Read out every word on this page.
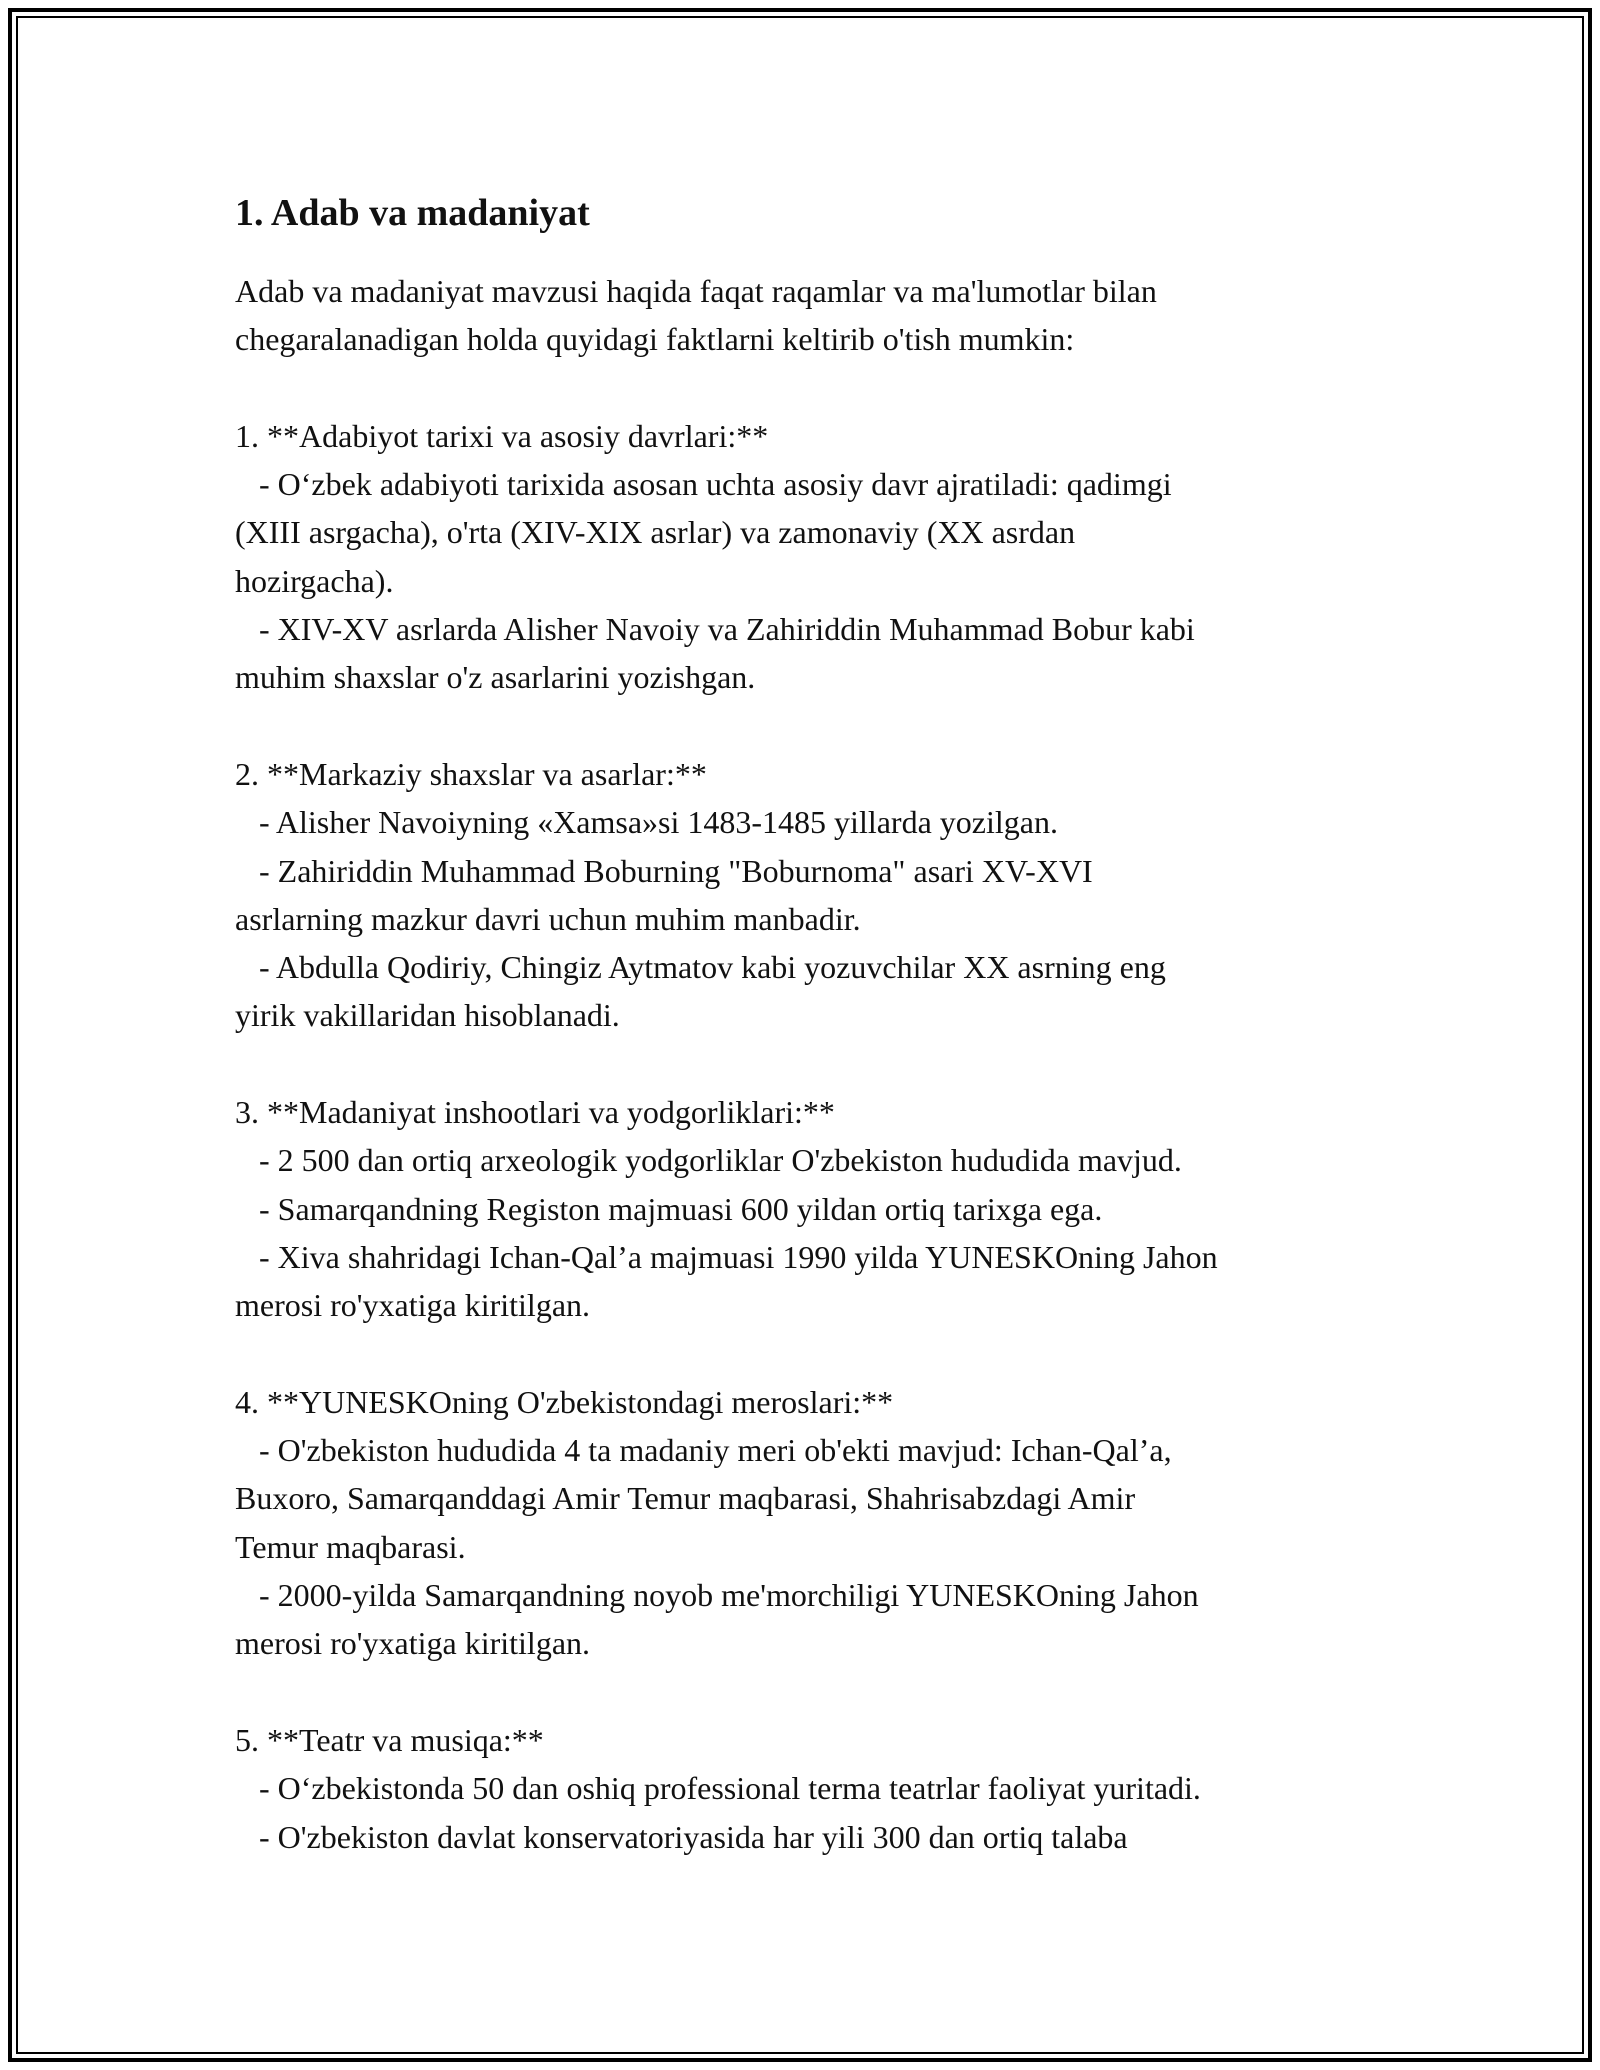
1. Adab va madaniyat

Adab va madaniyat mavzusi haqida faqat raqamlar va ma'lumotlar bilan

chegaralanadigan holda quyidagi faktlarni keltirib o'tish mumkin:

1. **Adabiyot tarixi va asosiy davrlari:**

- O‘zbek adabiyoti tarixida asosan uchta asosiy davr ajratiladi: qadimgi

(XIII asrgacha), o'rta (XIV-XIX asrlar) va zamonaviy (XX asrdan

hozirgacha).

- XIV-XV asrlarda Alisher Navoiy va Zahiriddin Muhammad Bobur kabi

muhim shaxslar o'z asarlarini yozishgan.

2. **Markaziy shaxslar va asarlar:**

- Alisher Navoiyning «Xamsa»si 1483-1485 yillarda yozilgan.

- Zahiriddin Muhammad Boburning "Boburnoma" asari XV-XVI

asrlarning mazkur davri uchun muhim manbadir.

- Abdulla Qodiriy, Chingiz Aytmatov kabi yozuvchilar XX asrning eng

yirik vakillaridan hisoblanadi.

3. **Madaniyat inshootlari va yodgorliklari:**

- 2 500 dan ortiq arxeologik yodgorliklar O'zbekiston hududida mavjud.

- Samarqandning Registon majmuasi 600 yildan ortiq tarixga ega.

- Xiva shahridagi Ichan-Qal’a majmuasi 1990 yilda YUNESKOning Jahon

merosi ro'yxatiga kiritilgan.

4. **YUNESKOning O'zbekistondagi meroslari:**

- O'zbekiston hududida 4 ta madaniy meri ob'ekti mavjud: Ichan-Qal’a,

Buxoro, Samarqanddagi Amir Temur maqbarasi, Shahrisabzdagi Amir

Temur maqbarasi.

- 2000-yilda Samarqandning noyob me'morchiligi YUNESKOning Jahon

merosi ro'yxatiga kiritilgan.

5. **Teatr va musiqa:**

- O‘zbekistonda 50 dan oshiq professional terma teatrlar faoliyat yuritadi.

- O'zbekiston davlat konservatoriyasida har yili 300 dan ortiq talaba
